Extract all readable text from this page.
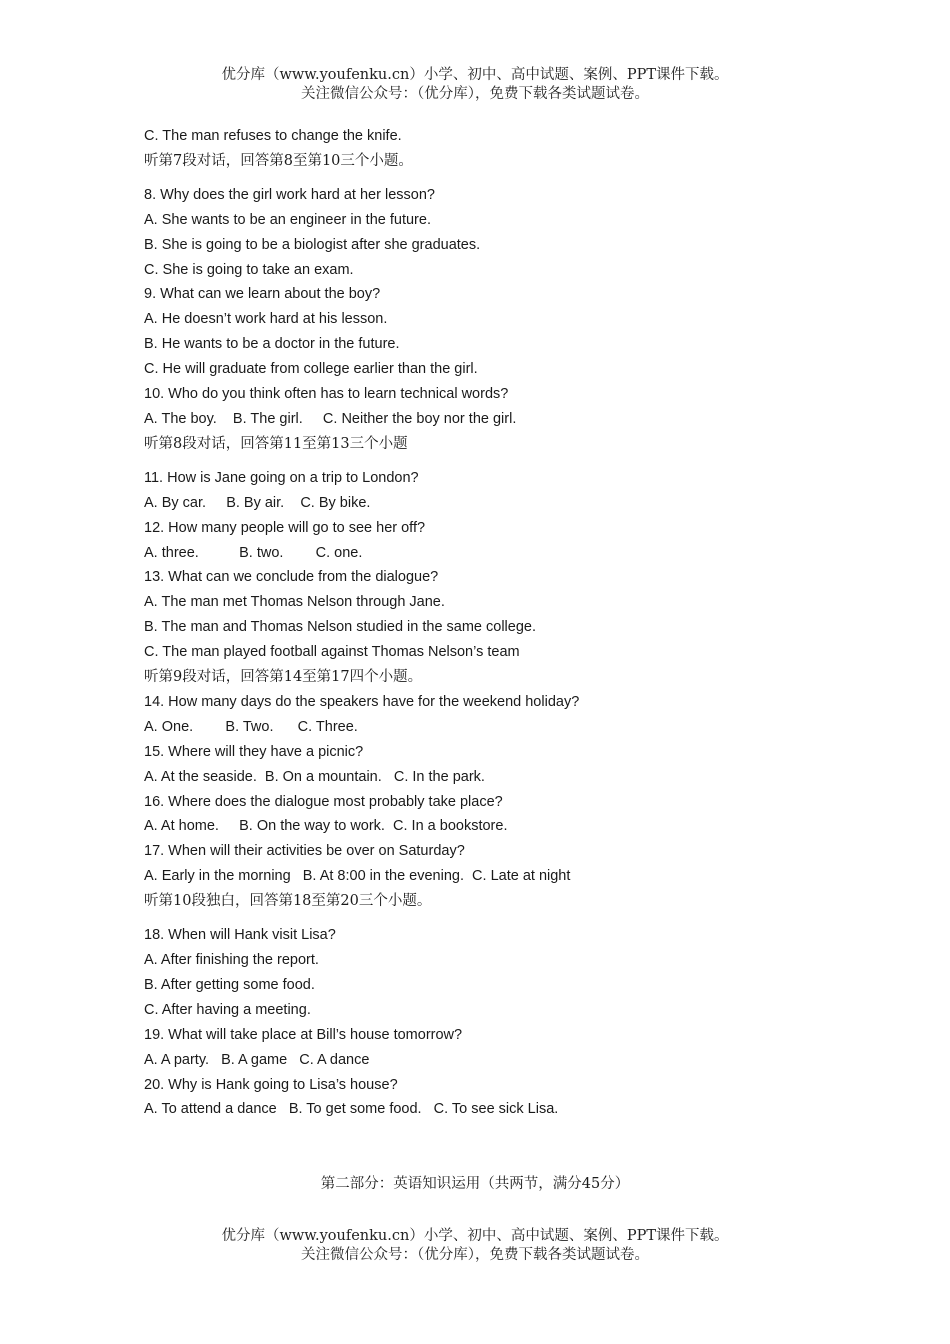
优分库（www.youfenku.cn）小学、初中、高中试题、案例、PPT课件下载。
关注微信公众号：（优分库），免费下载各类试题试卷。
C. The man refuses to change the knife.
听第7段对话，回答第8至第10三个小题。
8. Why does the girl work hard at her lesson?
A. She wants to be an engineer in the future.
B. She is going to be a biologist after she graduates.
C. She is going to take an exam.
9. What can we learn about the boy?
A. He doesn’t work hard at his lesson.
B. He wants to be a doctor in the future.
C. He will graduate from college earlier than the girl.
10. Who do you think often has to learn technical words?
A. The boy.    B. The girl.     C. Neither the boy nor the girl.
听第8段对话，回答第11至第13三个小题
11. How is Jane going on a trip to London?
A. By car.     B. By air.    C. By bike.
12. How many people will go to see her off?
A. three.          B. two.        C. one.
13. What can we conclude from the dialogue?
A. The man met Thomas Nelson through Jane.
B. The man and Thomas Nelson studied in the same college.
C. The man played football against Thomas Nelson’s team
听第9段对话，回答第14至第17四个小题。
14. How many days do the speakers have for the weekend holiday?
A. One.        B. Two.      C. Three.
15. Where will they have a picnic?
A. At the seaside.  B. On a mountain.   C. In the park.
16. Where does the dialogue most probably take place?
A. At home.     B. On the way to work.  C. In a bookstore.
17. When will their activities be over on Saturday?
A. Early in the morning   B. At 8:00 in the evening.  C. Late at night
听第10段独白，回答第18至第20三个小题。
18. When will Hank visit Lisa?
A. After finishing the report.
B. After getting some food.
C. After having a meeting.
19. What will take place at Bill’s house tomorrow?
A. A party.   B. A game   C. A dance
20. Why is Hank going to Lisa’s house?
A. To attend a dance   B. To get some food.   C. To see sick Lisa.
第二部分：英语知识运用（共两节，满分45分）
优分库（www.youfenku.cn）小学、初中、高中试题、案例、PPT课件下载。
关注微信公众号：（优分库），免费下载各类试题试卷。
